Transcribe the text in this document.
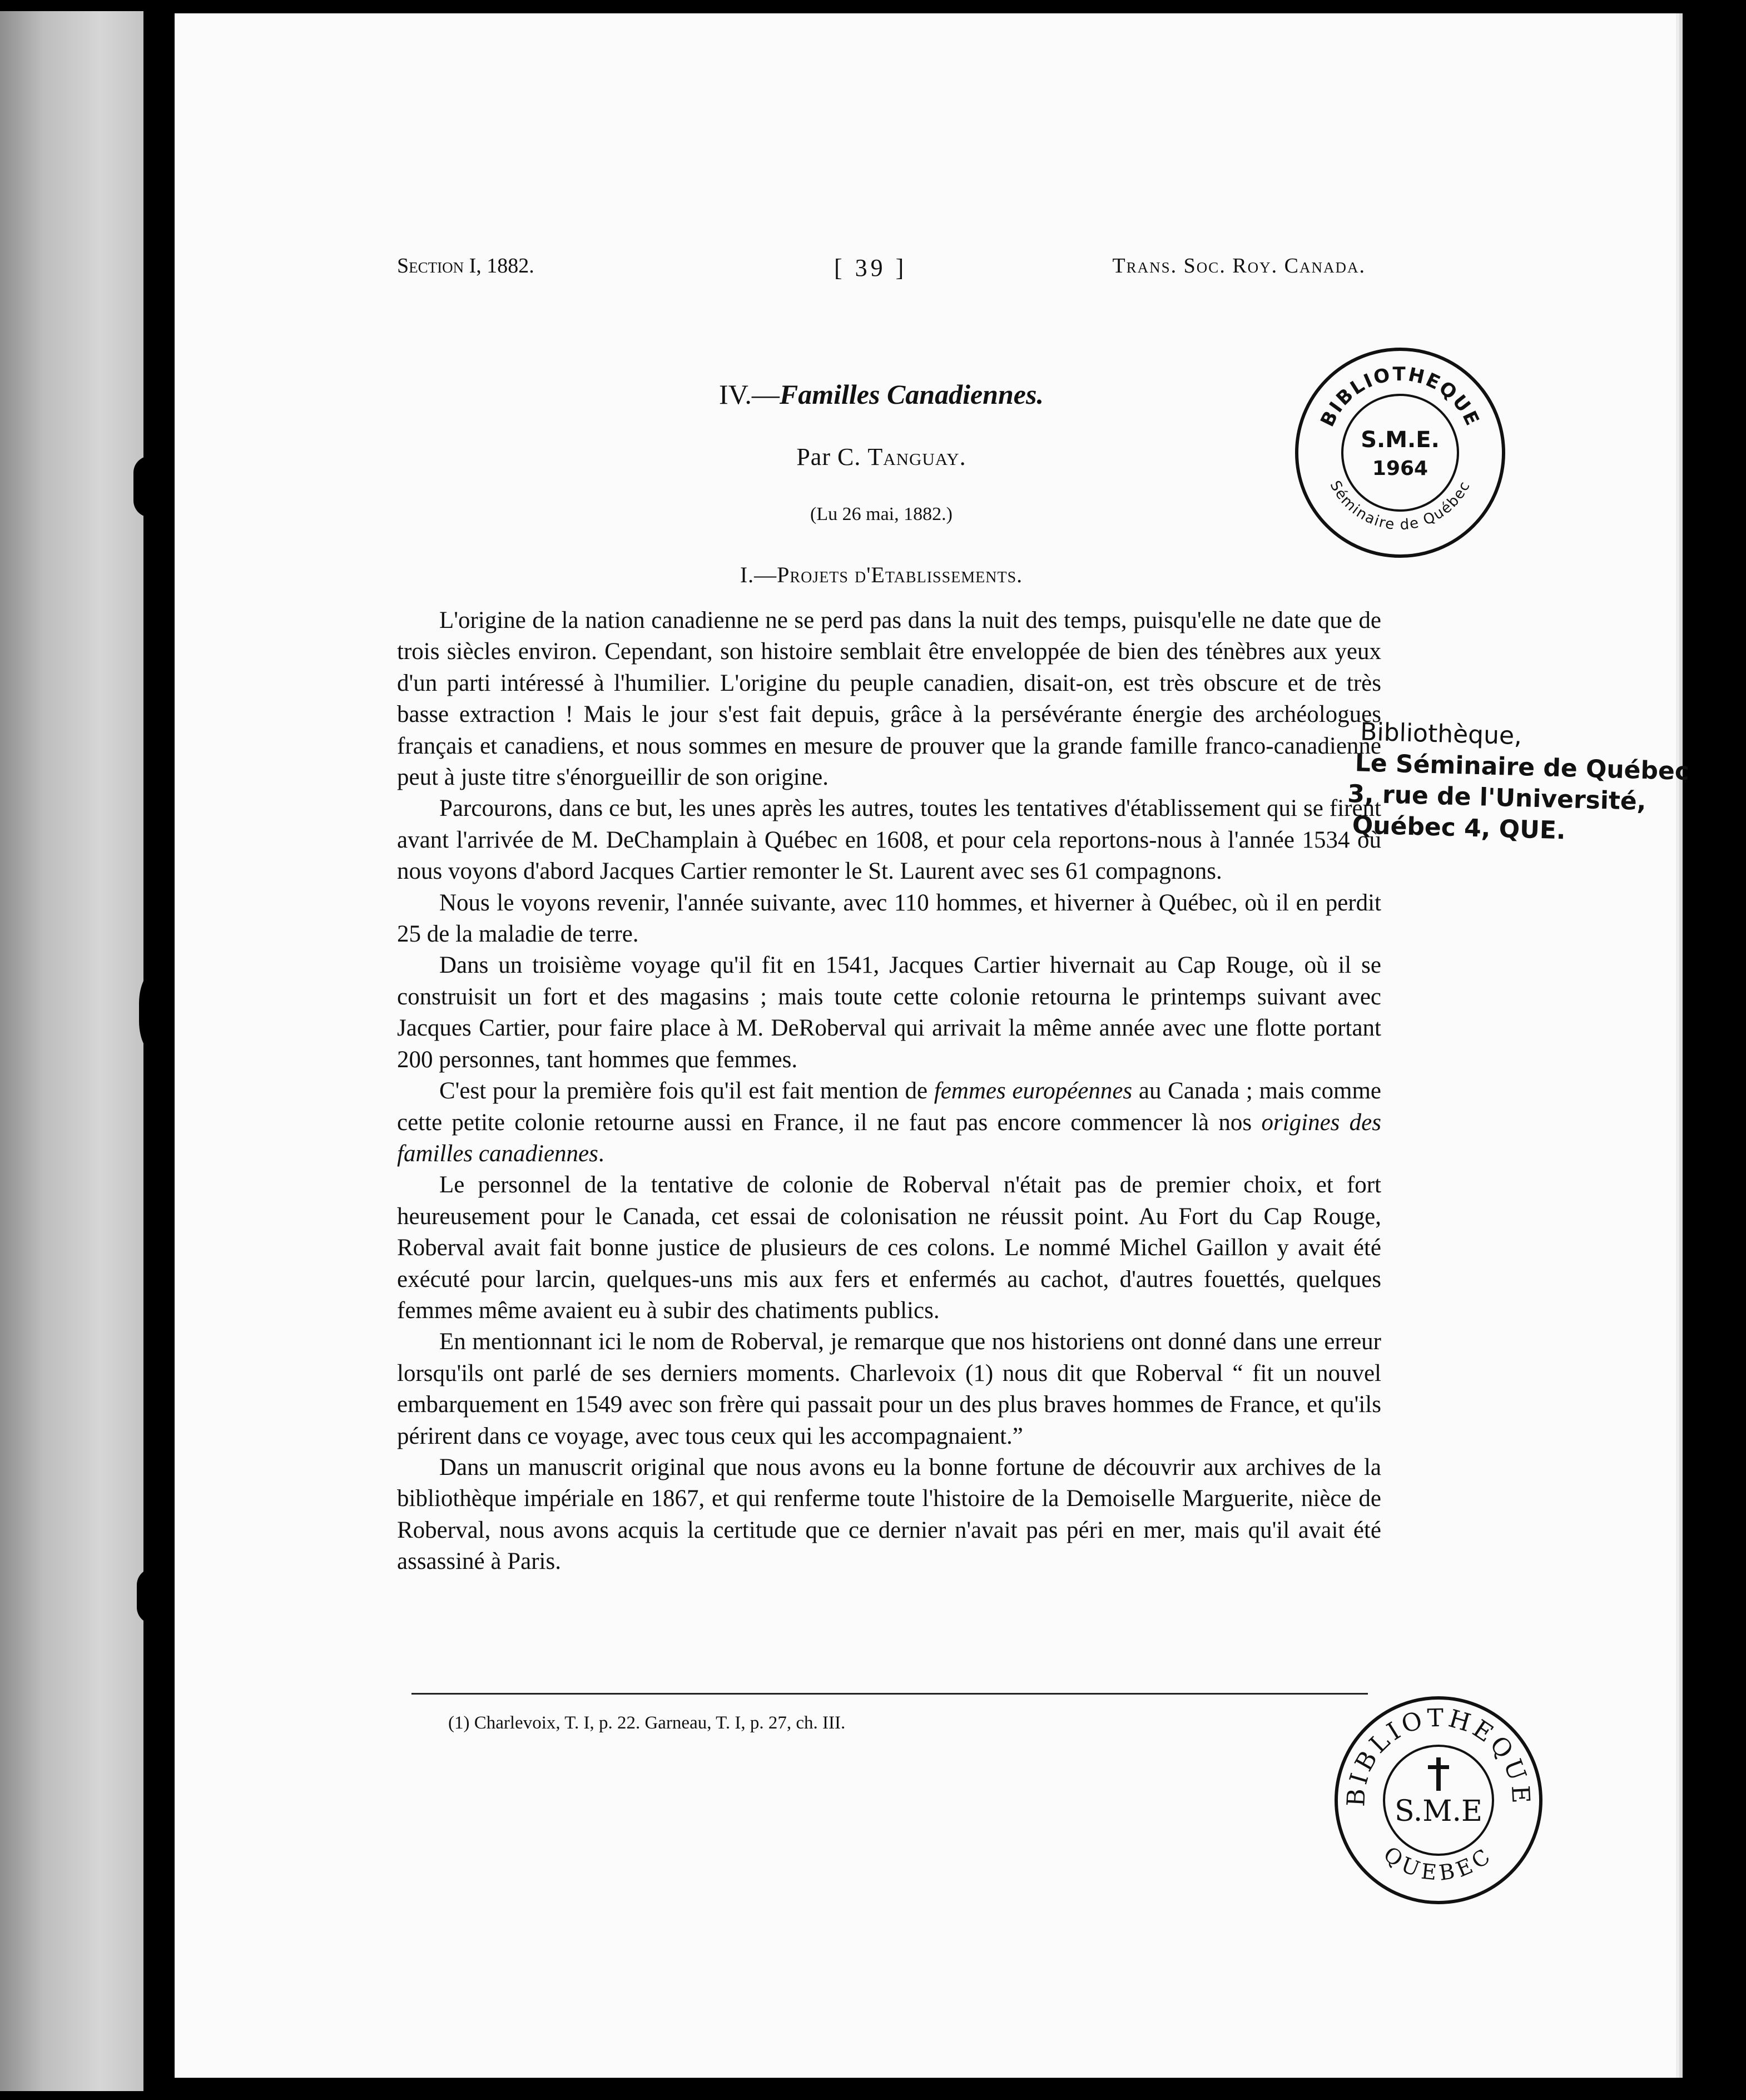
Section I, 1882.	[ 39 ]	Trans. Soc. Roy. Canada.
IV.—Familles Canadiennes.
Par C. Tanguay.
(Lu 26 mai, 1882.)
I.—Projets d'Etablissements.

L'origine de la nation canadienne ne se perd pas dans la nuit des temps, puisqu'elle ne date que de trois siècles environ. Cependant, son histoire semblait être enveloppée de bien des ténèbres aux yeux d'un parti intéressé à l'humilier. L'origine du peuple canadien, disait-on, est très obscure et de très basse extraction ! Mais le jour s'est fait depuis, grâce à la persévérante énergie des archéologues français et canadiens, et nous sommes en mesure de prouver que la grande famille franco-canadienne peut à juste titre s'énorgueillir de son origine.

Parcourons, dans ce but, les unes après les autres, toutes les tentatives d'établissement qui se firent avant l'arrivée de M. DeChamplain à Québec en 1608, et pour cela reportons-nous à l'année 1534 où nous voyons d'abord Jacques Cartier remonter le St. Laurent avec ses 61 compagnons.

Nous le voyons revenir, l'année suivante, avec 110 hommes, et hiverner à Québec, où il en perdit 25 de la maladie de terre.

Dans un troisième voyage qu'il fit en 1541, Jacques Cartier hivernait au Cap Rouge, où il se construisit un fort et des magasins ; mais toute cette colonie retourna le printemps suivant avec Jacques Cartier, pour faire place à M. DeRoberval qui arrivait la même année avec une flotte portant 200 personnes, tant hommes que femmes.

C'est pour la première fois qu'il est fait mention de femmes européennes au Canada ; mais comme cette petite colonie retourne aussi en France, il ne faut pas encore commencer là nos origines des familles canadiennes.

Le personnel de la tentative de colonie de Roberval n'était pas de premier choix, et fort heureusement pour le Canada, cet essai de colonisation ne réussit point. Au Fort du Cap Rouge, Roberval avait fait bonne justice de plusieurs de ces colons. Le nommé Michel Gaillon y avait été exécuté pour larcin, quelques-uns mis aux fers et enfermés au cachot, d'autres fouettés, quelques femmes même avaient eu à subir des chatiments publics.

En mentionnant ici le nom de Roberval, je remarque que nos historiens ont donné dans une erreur lorsqu'ils ont parlé de ses derniers moments. Charlevoix (1) nous dit que Roberval “ fit un nouvel embarquement en 1549 avec son frère qui passait pour un des plus braves hommes de France, et qu'ils périrent dans ce voyage, avec tous ceux qui les accompagnaient.”

Dans un manuscrit original que nous avons eu la bonne fortune de découvrir aux archives de la bibliothèque impériale en 1867, et qui renferme toute l'histoire de la Demoiselle Marguerite, nièce de Roberval, nous avons acquis la certitude que ce dernier n'avait pas péri en mer, mais qu'il avait été assassiné à Paris.

(1) Charlevoix, T. I, p. 22. Garneau, T. I, p. 27, ch. III.
BIBLIOTHEQUE
Séminaire de Québec
S.M.E.
1964
Bibliothèque,
Le Séminaire de Québec
3, rue de l'Université,
Québec 4, QUE.
BIBLIOTHEQUE
QUEBEC
S.M.E
